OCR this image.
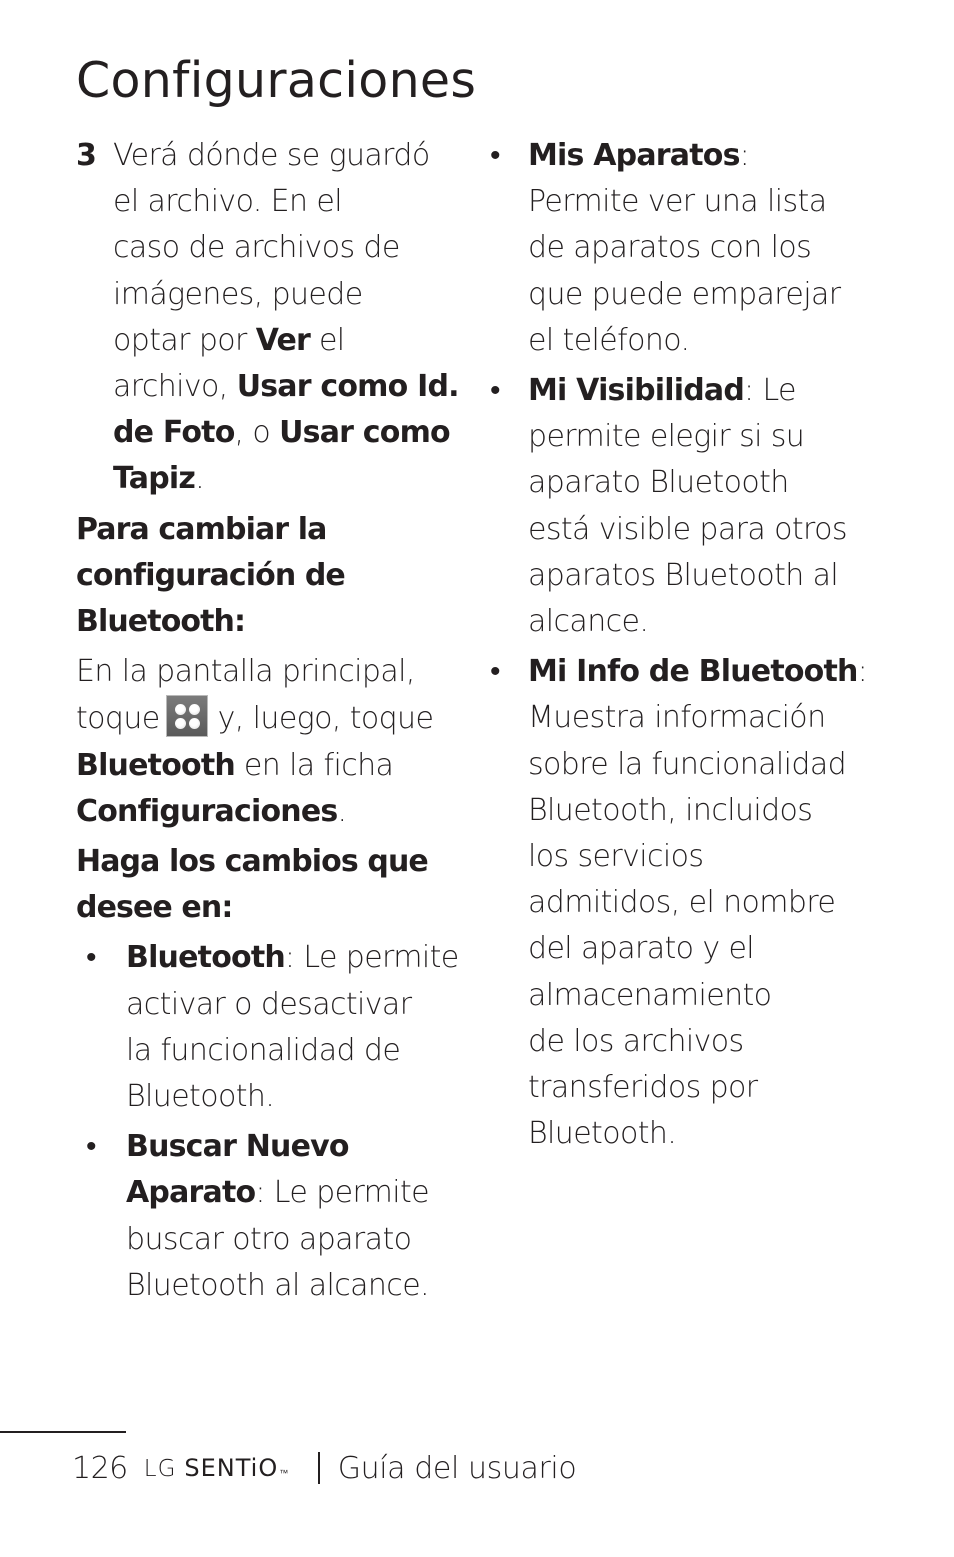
Configuraciones
3 Verá dónde se guardó
el archivo. En el
caso de archivos de
imágenes, puede
optar por Ver el
archivo, Usar como Id.
de Foto, o Usar como
Tapiz.
Para cambiar la
configuración de
Bluetooth:
En la pantalla principal,
toque y, luego, toque
Bluetooth en la ficha
Configuraciones.
Haga los cambios que
desee en:
• Bluetooth: Le permite
activar o desactivar
la funcionalidad de
Bluetooth.
• Buscar Nuevo
Aparato: Le permite
buscar otro aparato
Bluetooth al alcance.
• Mis Aparatos:
Permite ver una lista
de aparatos con los
que puede emparejar
el teléfono.
• Mi Visibilidad: Le
permite elegir si su
aparato Bluetooth
está visible para otros
aparatos Bluetooth al
alcance.
• Mi Info de Bluetooth:
Muestra información
sobre la funcionalidad
Bluetooth, incluidos
los servicios
admitidos, el nombre
del aparato y el
almacenamiento
de los archivos
transferidos por
Bluetooth.
126 LG SENTiO ™ Guía del usuario
